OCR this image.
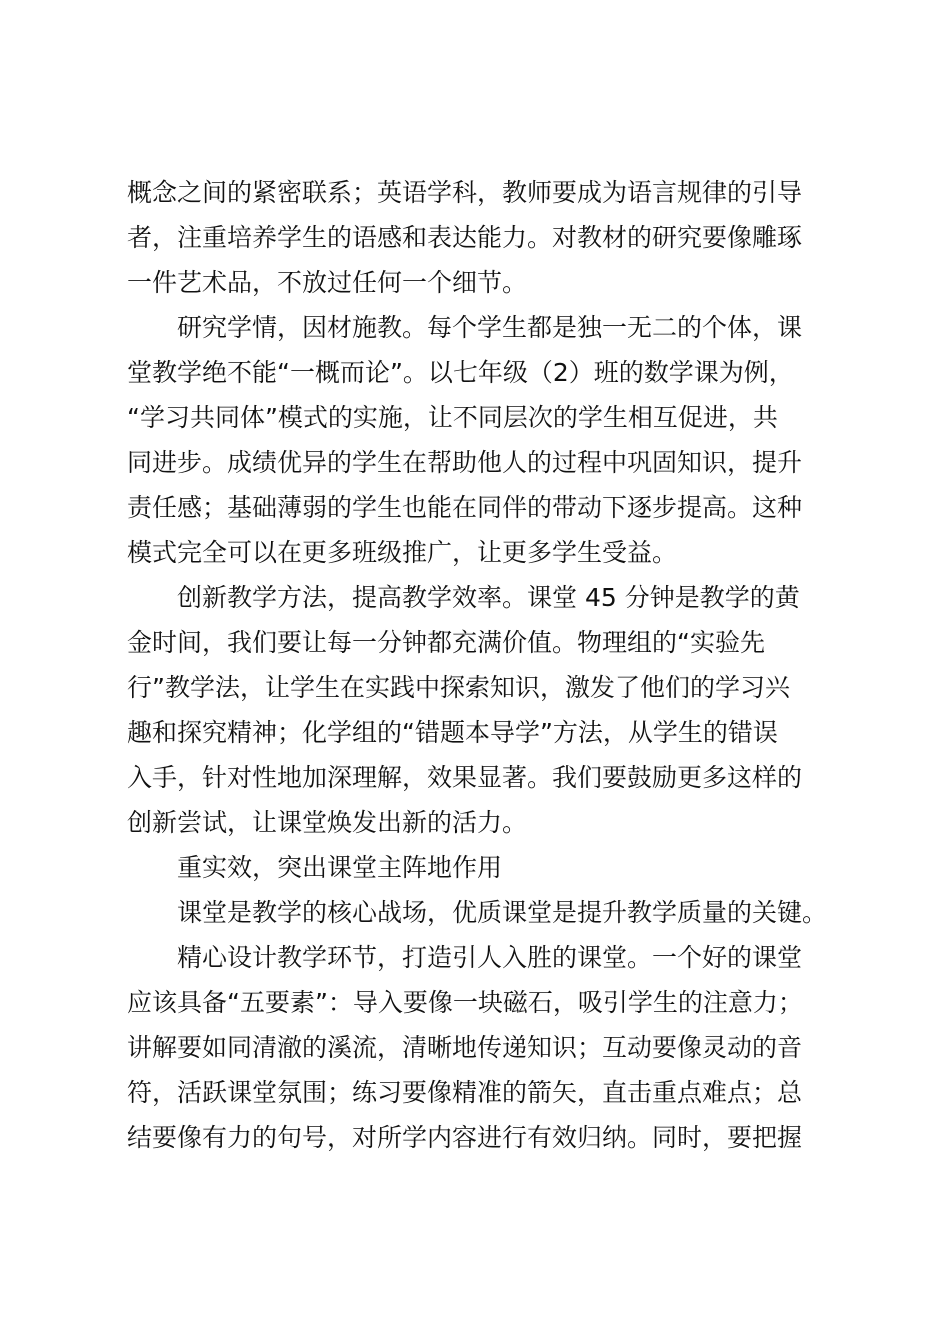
概念之间的紧密联系；英语学科，教师要成为语言规律的引导
者，注重培养学生的语感和表达能力。对教材的研究要像雕琢
一件艺术品，不放过任何一个细节。
研究学情，因材施教。每个学生都是独一无二的个体，课
堂教学绝不能“一概而论”。以七年级（2）班的数学课为例，
“学习共同体”模式的实施，让不同层次的学生相互促进，共
同进步。成绩优异的学生在帮助他人的过程中巩固知识，提升
责任感；基础薄弱的学生也能在同伴的带动下逐步提高。这种
模式完全可以在更多班级推广，让更多学生受益。
创新教学方法，提高教学效率。课堂 45 分钟是教学的黄
金时间，我们要让每一分钟都充满价值。物理组的“实验先
行”教学法，让学生在实践中探索知识，激发了他们的学习兴
趣和探究精神；化学组的“错题本导学”方法，从学生的错误
入手，针对性地加深理解，效果显著。我们要鼓励更多这样的
创新尝试，让课堂焕发出新的活力。
重实效，突出课堂主阵地作用
课堂是教学的核心战场，优质课堂是提升教学质量的关键。
精心设计教学环节，打造引人入胜的课堂。一个好的课堂
应该具备“五要素”：导入要像一块磁石，吸引学生的注意力；
讲解要如同清澈的溪流，清晰地传递知识；互动要像灵动的音
符，活跃课堂氛围；练习要像精准的箭矢，直击重点难点；总
结要像有力的句号，对所学内容进行有效归纳。同时，要把握
